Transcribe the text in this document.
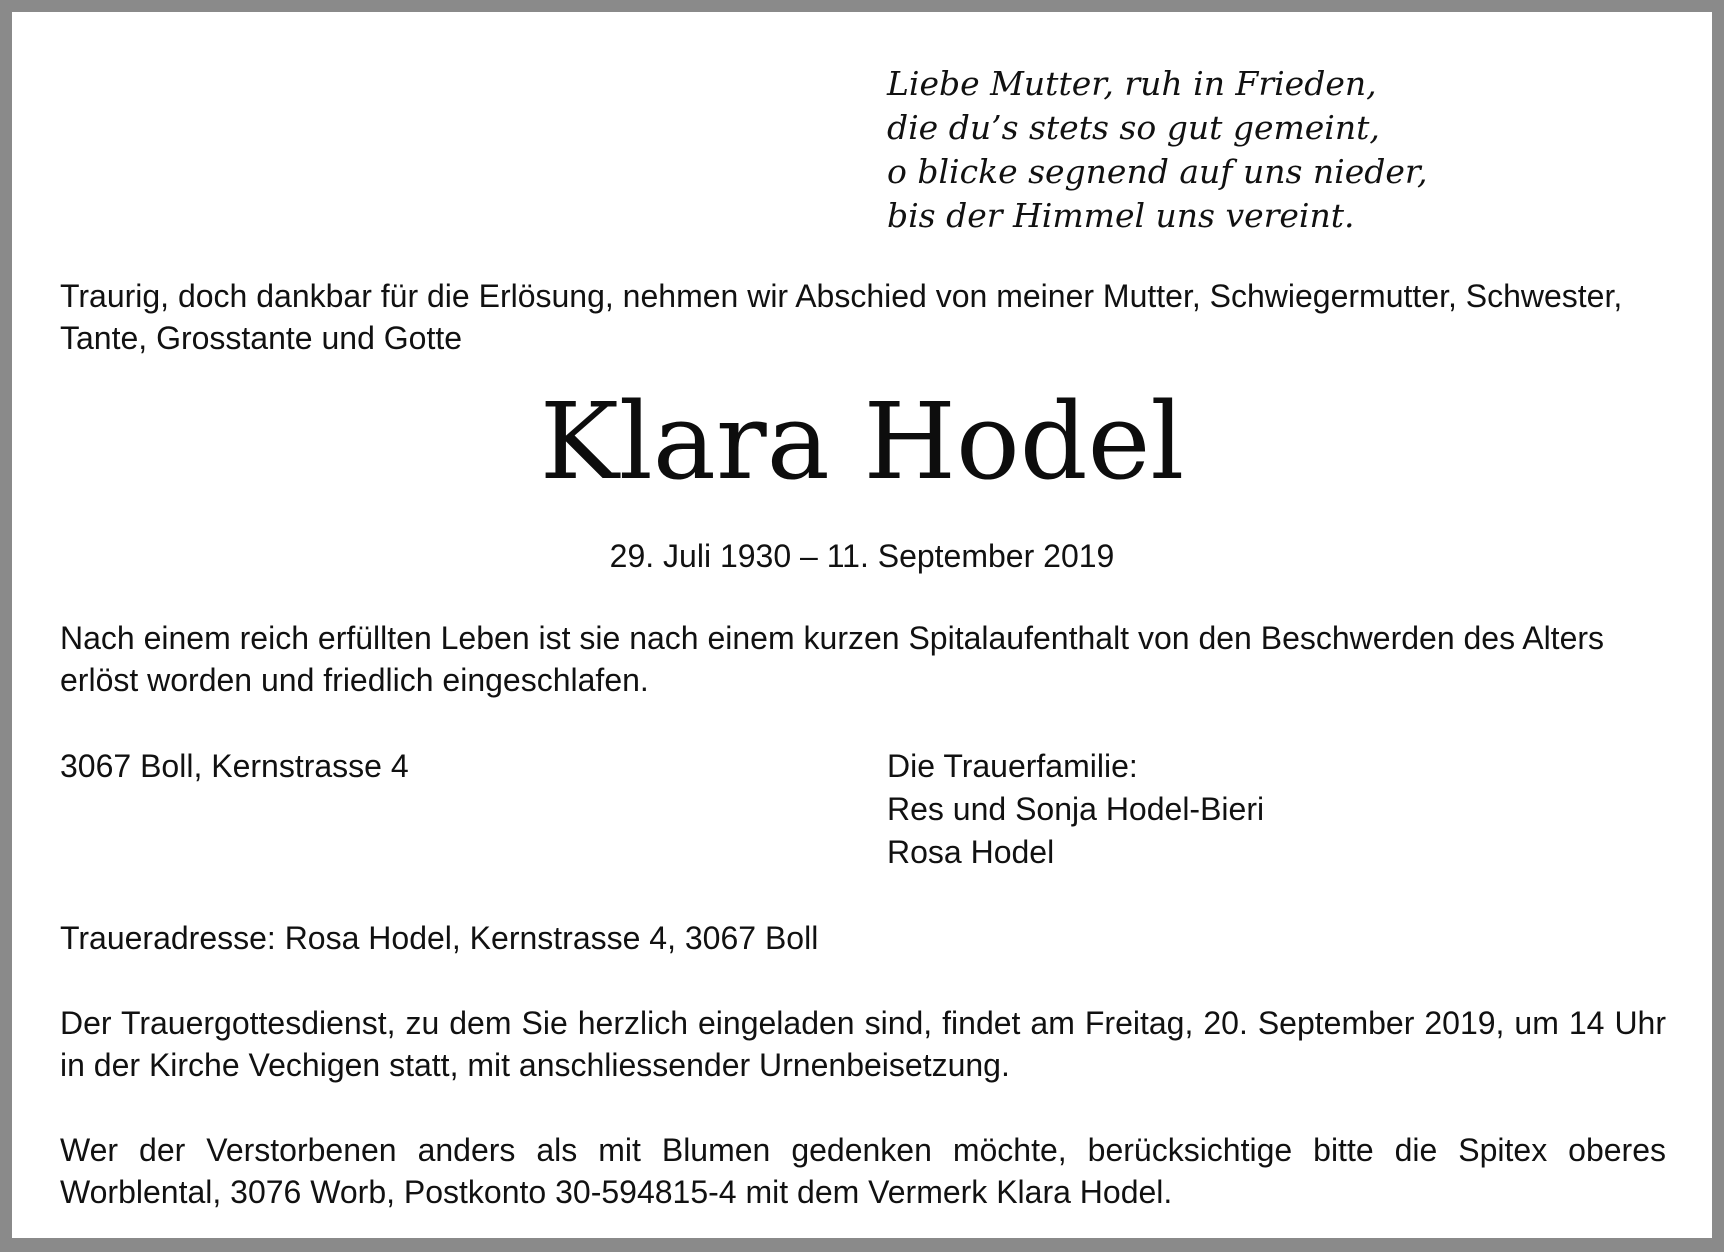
Liebe Mutter, ruh in Frieden,
die du’s stets so gut gemeint,
o blicke segnend auf uns nieder,
bis der Himmel uns vereint.
Traurig, doch dankbar für die Erlösung, nehmen wir Abschied von meiner Mutter, Schwiegermutter, Schwester, Tante, Grosstante und Gotte
Klara Hodel
29. Juli 1930 – 11. September 2019
Nach einem reich erfüllten Leben ist sie nach einem kurzen Spitalaufenthalt von den Beschwerden des Alters erlöst worden und friedlich eingeschlafen.
3067 Boll, Kernstrasse 4	Die Trauerfamilie:
Res und Sonja Hodel-Bieri
Rosa Hodel
Traueradresse: Rosa Hodel, Kernstrasse 4, 3067 Boll
Der Trauergottesdienst, zu dem Sie herzlich eingeladen sind, findet am Freitag, 20. September 2019, um 14 Uhr in der Kirche Vechigen statt, mit anschliessender Urnenbeisetzung.
Wer der Verstorbenen anders als mit Blumen gedenken möchte, berücksichtige bitte die Spitex oberes Worblental, 3076 Worb, Postkonto 30-594815-4 mit dem Vermerk Klara Hodel.
